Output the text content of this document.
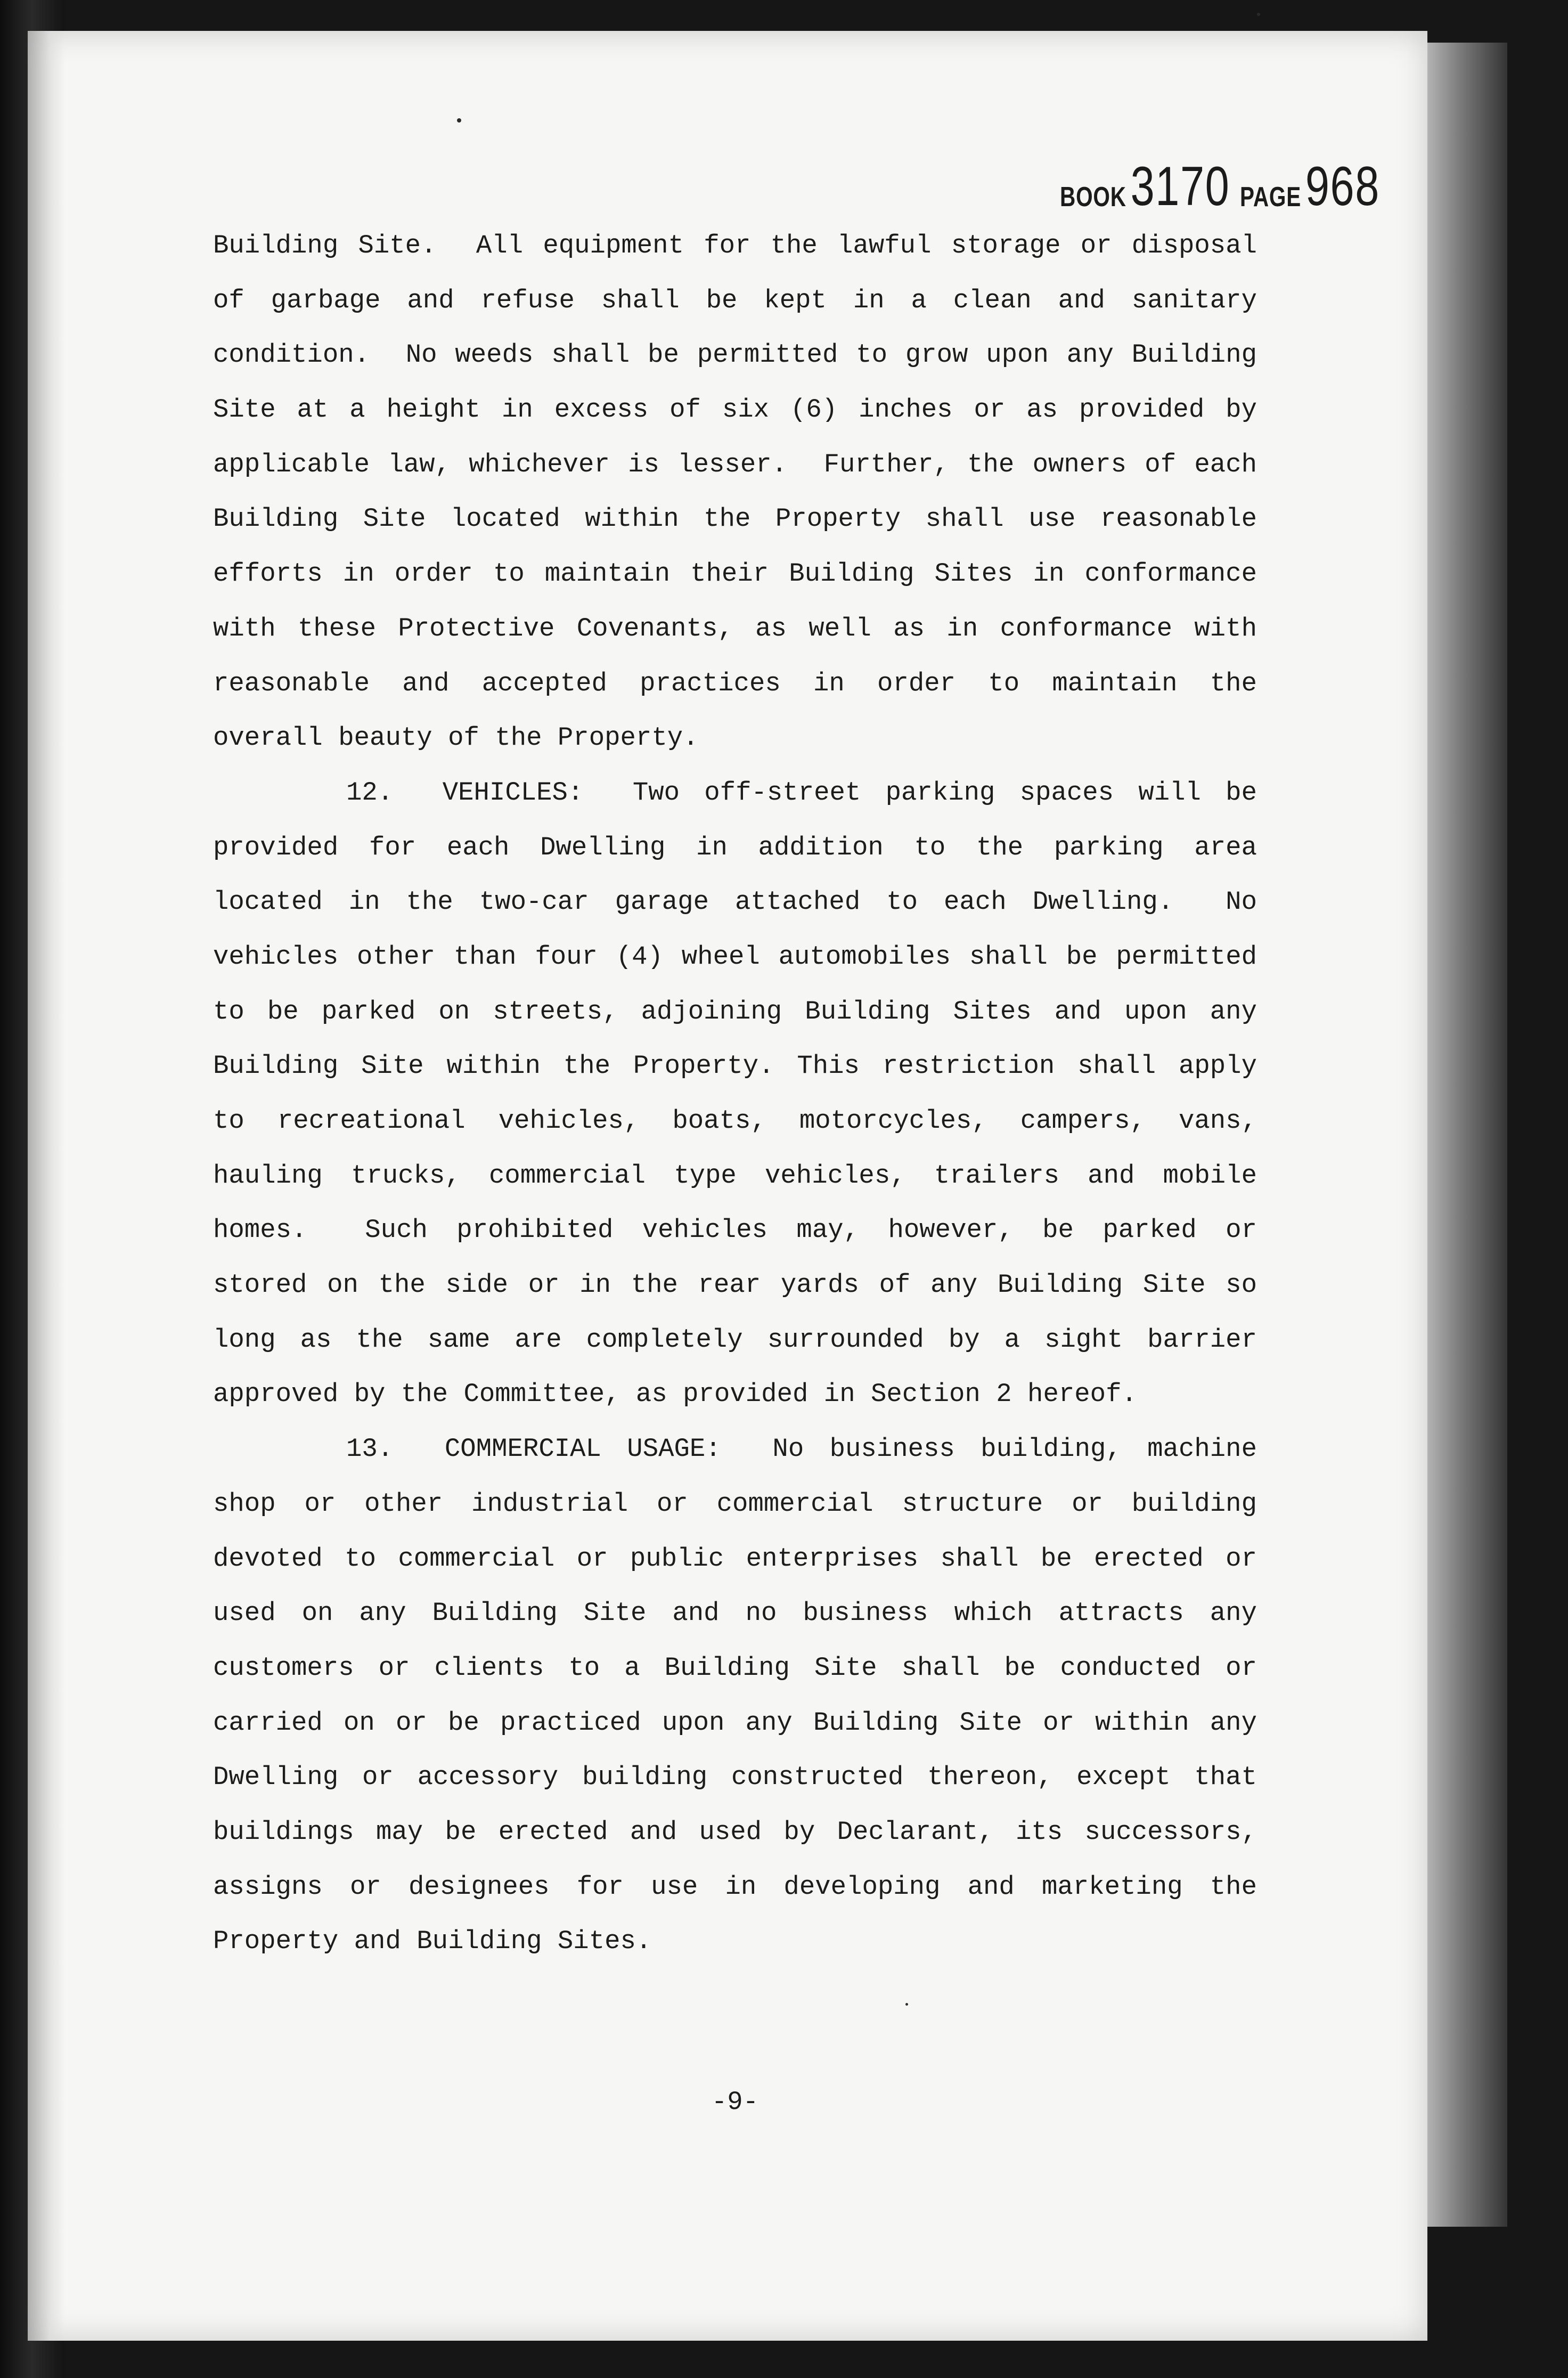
BOOK 3170 PAGE 968
Building Site.  All equipment for the lawful storage or disposal
of garbage and refuse shall be kept in a clean and sanitary
condition.  No weeds shall be permitted to grow upon any Building
Site at a height in excess of six (6) inches or as provided by
applicable law, whichever is lesser.  Further, the owners of each
Building Site located within the Property shall use reasonable
efforts in order to maintain their Building Sites in conformance
with these Protective Covenants, as well as in conformance with
reasonable and accepted practices in order to maintain the
overall beauty of the Property.
12.  VEHICLES:  Two off-street parking spaces will be
provided for each Dwelling in addition to the parking area
located in the two-car garage attached to each Dwelling.  No
vehicles other than four (4) wheel automobiles shall be permitted
to be parked on streets, adjoining Building Sites and upon any
Building Site within the Property. This restriction shall apply
to recreational vehicles, boats, motorcycles, campers, vans,
hauling trucks, commercial type vehicles, trailers and mobile
homes.  Such prohibited vehicles may, however, be parked or
stored on the side or in the rear yards of any Building Site so
long as the same are completely surrounded by a sight barrier
approved by the Committee, as provided in Section 2 hereof.
13.  COMMERCIAL USAGE:  No business building, machine
shop or other industrial or commercial structure or building
devoted to commercial or public enterprises shall be erected or
used on any Building Site and no business which attracts any
customers or clients to a Building Site shall be conducted or
carried on or be practiced upon any Building Site or within any
Dwelling or accessory building constructed thereon, except that
buildings may be erected and used by Declarant, its successors,
assigns or designees for use in developing and marketing the
Property and Building Sites.
-9-
